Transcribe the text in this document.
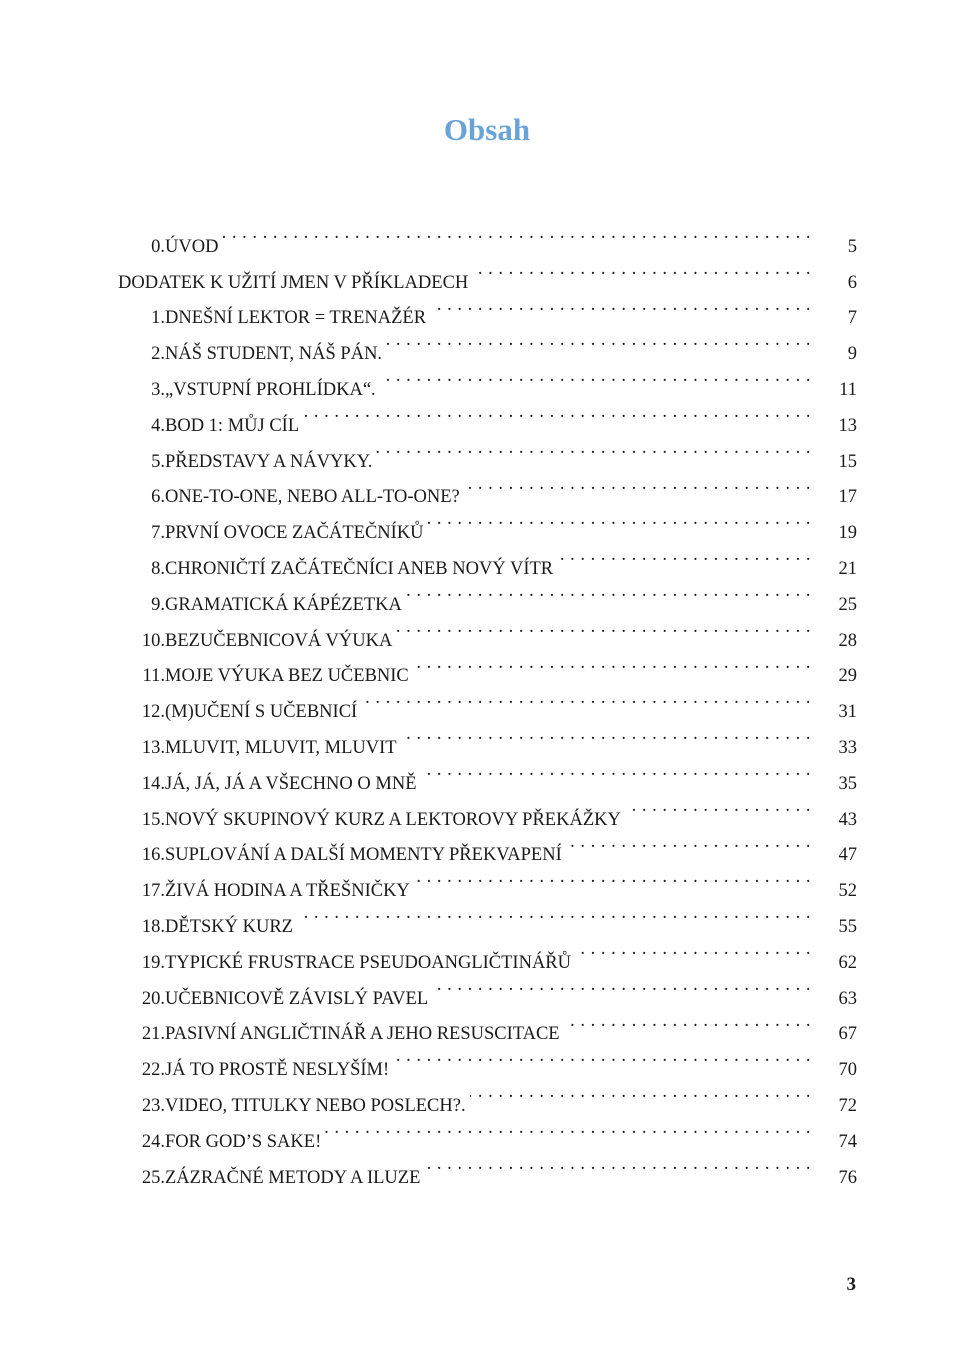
Obsah
0. ÚVOD . . .	5
DODATEK K UŽITÍ JMEN V PŘÍKLADECH . . .	6
1. DNEŠNÍ LEKTOR = TRENAŽÉR . . .	7
2. NÁŠ STUDENT, NÁŠ PÁN. . . .	9
3. „VSTUPNÍ PROHLÍDKA“. . . .	11
4. BOD 1: MŮJ CÍL . . .	13
5. PŘEDSTAVY A NÁVYKY. . . .	15
6. ONE-TO-ONE, NEBO ALL-TO-ONE? . . .	17
7. PRVNÍ OVOCE ZAČÁTEČNÍKŮ . . .	19
8. CHRONIČTÍ ZAČÁTEČNÍCI ANEB NOVÝ VÍTR . . .	21
9. GRAMATICKÁ KÁPÉZETKA . . .	25
10. BEZUČEBNICOVÁ VÝUKA . . .	28
11. MOJE VÝUKA BEZ UČEBNIC . . .	29
12. (M)UČENÍ S UČEBNICÍ . . .	31
13. MLUVIT, MLUVIT, MLUVIT . . .	33
14. JÁ, JÁ, JÁ A VŠECHNO O MNĚ . . .	35
15. NOVÝ SKUPINOVÝ KURZ A LEKTOROVY PŘEKÁŽKY . . .	43
16. SUPLOVÁNÍ A DALŠÍ MOMENTY PŘEKVAPENÍ . . .	47
17. ŽIVÁ HODINA A TŘEŠNIČKY . . .	52
18. DĚTSKÝ KURZ . . .	55
19. TYPICKÉ FRUSTRACE PSEUDOANGLIČTINÁŘŮ . . .	62
20. UČEBNICOVĚ ZÁVISLÝ PAVEL . . .	63
21. PASIVNÍ ANGLIČTINÁŘ A JEHO RESUSCITACE . . .	67
22. JÁ TO PROSTĚ NESLYŠÍM! . . .	70
23. VIDEO, TITULKY NEBO POSLECH?. . . .	72
24. FOR GOD’S SAKE! . . .	74
25. ZÁZRAČNÉ METODY A ILUZE . . .	76
3
